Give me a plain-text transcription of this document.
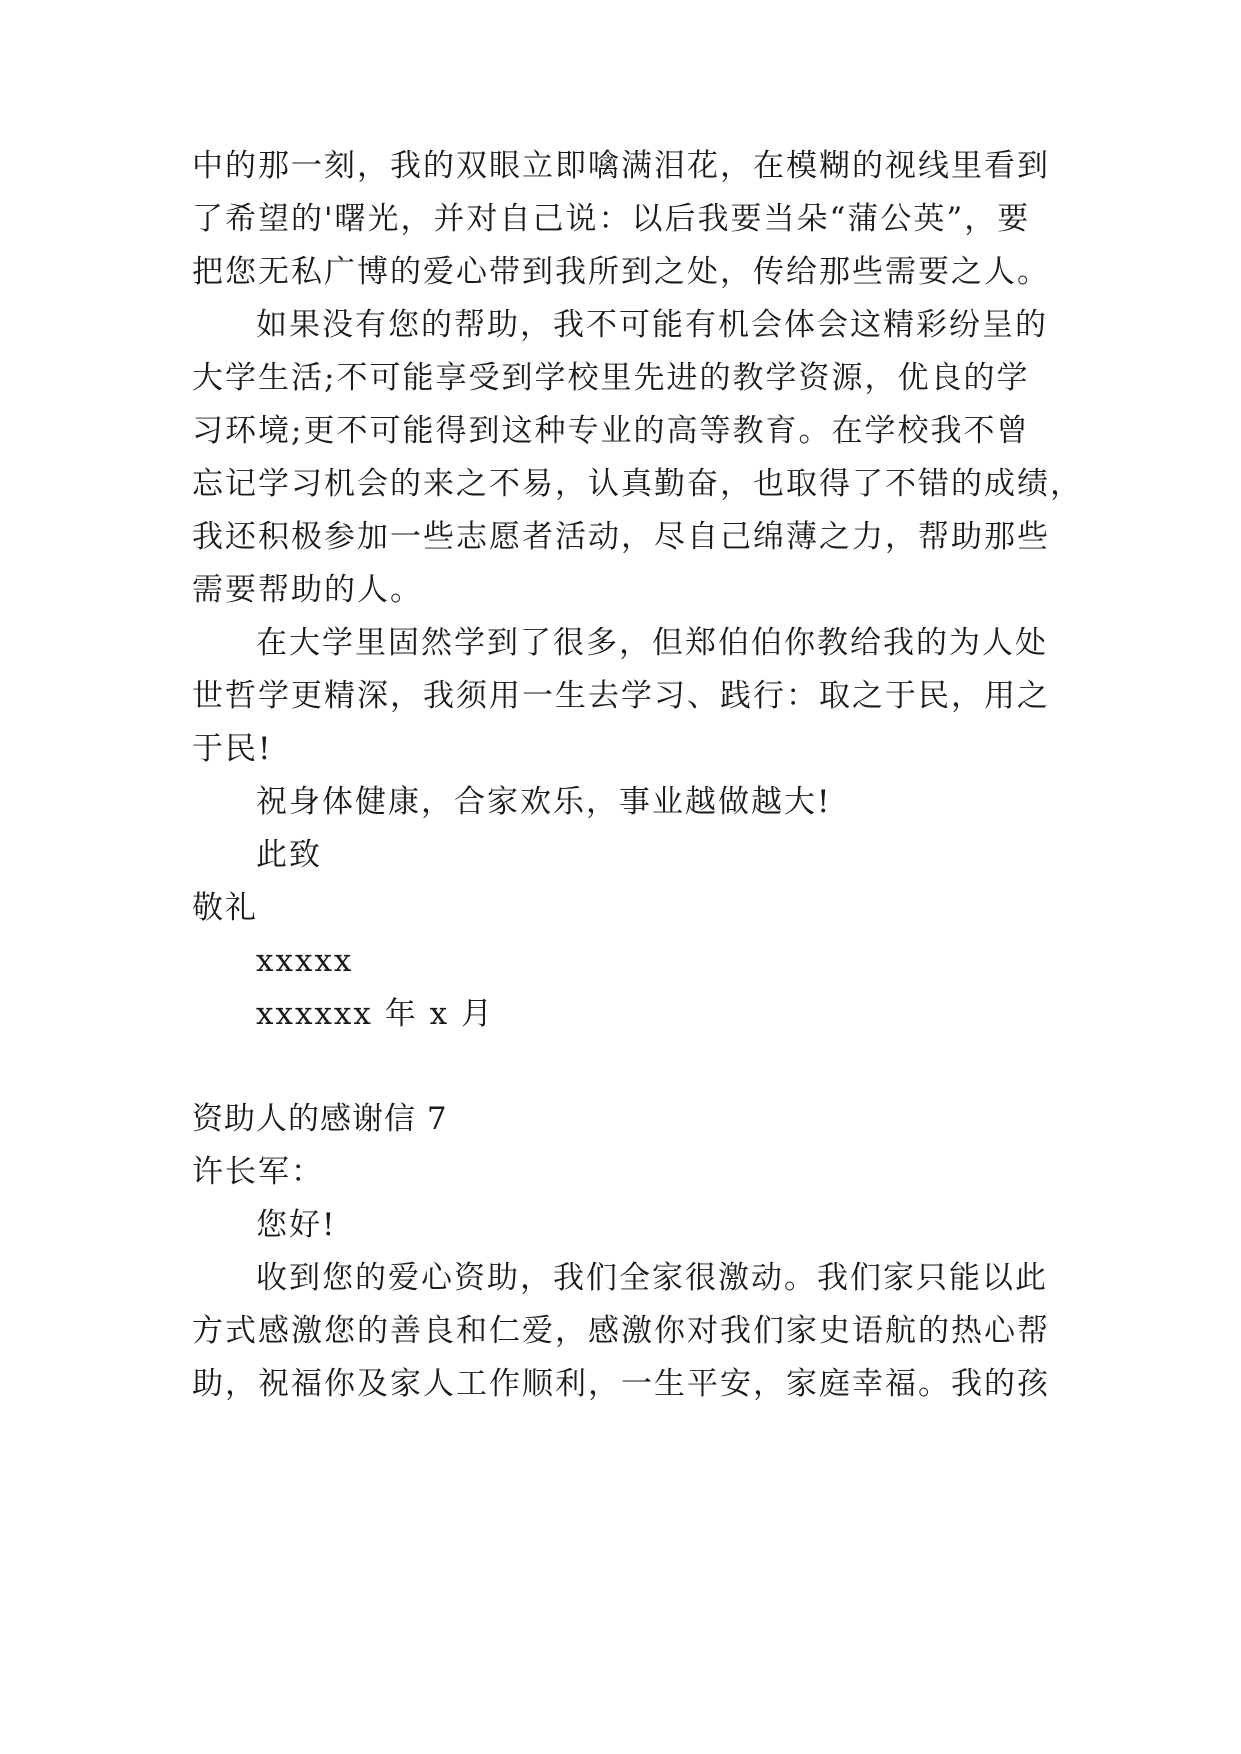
中的那一刻，我的双眼立即噙满泪花，在模糊的视线里看到
了希望的'曙光，并对自己说：以后我要当朵“蒲公英”，要
把您无私广博的爱心带到我所到之处，传给那些需要之人。
如果没有您的帮助，我不可能有机会体会这精彩纷呈的
大学生活;不可能享受到学校里先进的教学资源，优良的学
习环境;更不可能得到这种专业的高等教育。在学校我不曾
忘记学习机会的来之不易，认真勤奋，也取得了不错的成绩，
我还积极参加一些志愿者活动，尽自己绵薄之力，帮助那些
需要帮助的人。
在大学里固然学到了很多，但郑伯伯你教给我的为人处
世哲学更精深，我须用一生去学习、践行：取之于民，用之
于民!
祝身体健康，合家欢乐，事业越做越大!
此致
敬礼
xxxxx
xxxxxx 年 x 月
资助人的感谢信 7
许长军：
您好!
收到您的爱心资助，我们全家很激动。我们家只能以此
方式感激您的善良和仁爱，感激你对我们家史语航的热心帮
助，祝福你及家人工作顺利，一生平安，家庭幸福。我的孩
